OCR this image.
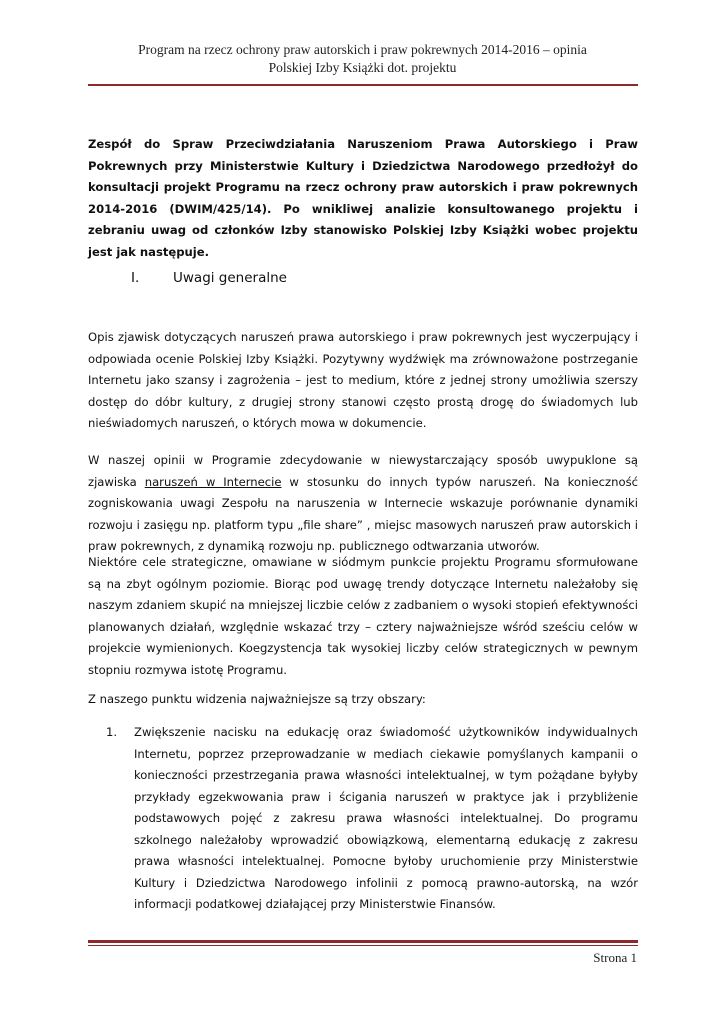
Program na rzecz ochrony praw autorskich i praw pokrewnych 2014-2016 – opinia
Polskiej Izby Książki dot. projektu

Zespół do Spraw Przeciwdziałania Naruszeniom Prawa Autorskiego i Praw Pokrewnych przy Ministerstwie Kultury i Dziedzictwa Narodowego przedłożył do konsultacji projekt Programu na rzecz ochrony praw autorskich i praw pokrewnych 2014-2016 (DWIM/425/14). Po wnikliwej analizie konsultowanego projektu i zebraniu uwag od członków Izby stanowisko Polskiej Izby Książki wobec projektu jest jak następuje.

I. Uwagi generalne

Opis zjawisk dotyczących naruszeń prawa autorskiego i praw pokrewnych jest wyczerpujący i odpowiada ocenie Polskiej Izby Książki. Pozytywny wydźwięk ma zrównoważone postrzeganie Internetu jako szansy i zagrożenia – jest to medium, które z jednej strony umożliwia szerszy dostęp do dóbr kultury, z drugiej strony stanowi często prostą drogę do świadomych lub nieświadomych naruszeń, o których mowa w dokumencie.

W naszej opinii w Programie zdecydowanie w niewystarczający sposób uwypuklone są zjawiska naruszeń w Internecie w stosunku do innych typów naruszeń. Na konieczność zogniskowania uwagi Zespołu na naruszenia w Internecie wskazuje porównanie dynamiki rozwoju i zasięgu np. platform typu „file share” , miejsc masowych naruszeń praw autorskich i praw pokrewnych, z dynamiką rozwoju np. publicznego odtwarzania utworów.

Niektóre cele strategiczne, omawiane w siódmym punkcie projektu Programu sformułowane są na zbyt ogólnym poziomie. Biorąc pod uwagę trendy dotyczące Internetu należałoby się naszym zdaniem skupić na mniejszej liczbie celów z zadbaniem o wysoki stopień efektywności planowanych działań, względnie wskazać trzy – cztery najważniejsze wśród sześciu celów w projekcie wymienionych. Koegzystencja tak wysokiej liczby celów strategicznych w pewnym stopniu rozmywa istotę Programu.

Z naszego punktu widzenia najważniejsze są trzy obszary:

1. Zwiększenie nacisku na edukację oraz świadomość użytkowników indywidualnych Internetu, poprzez przeprowadzanie w mediach ciekawie pomyślanych kampanii o konieczności przestrzegania prawa własności intelektualnej, w tym pożądane byłyby przykłady egzekwowania praw i ścigania naruszeń w praktyce jak i przybliżenie podstawowych pojęć z zakresu prawa własności intelektualnej. Do programu szkolnego należałoby wprowadzić obowiązkową, elementarną edukację z zakresu prawa własności intelektualnej. Pomocne byłoby uruchomienie przy Ministerstwie Kultury i Dziedzictwa Narodowego infolinii z pomocą prawno-autorską, na wzór informacji podatkowej działającej przy Ministerstwie Finansów.
Strona 1
